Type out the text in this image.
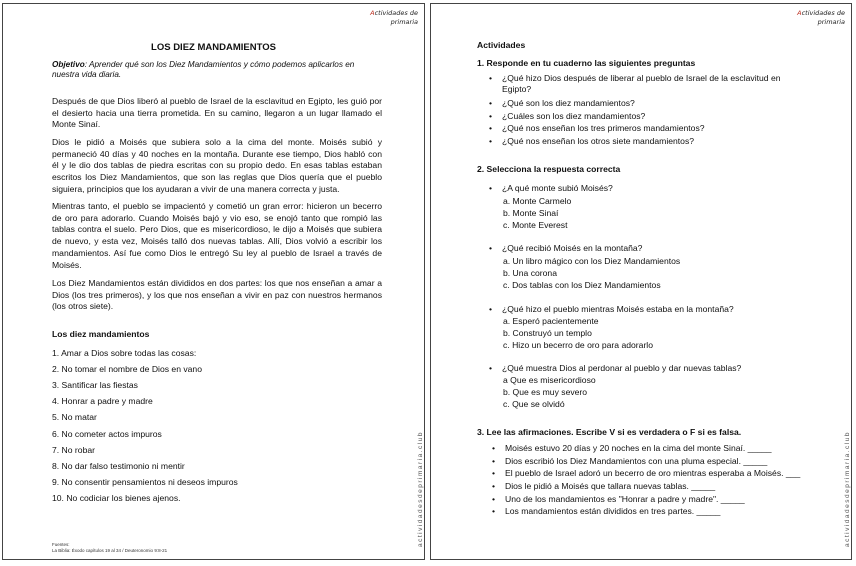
Actividades de
primaria
actividadesdeprimaria.club
LOS DIEZ MANDAMIENTOS
Objetivo: Aprender qué son los Diez Mandamientos y cómo podemos aplicarlos en nuestra vida diaria.
Después de que Dios liberó al pueblo de Israel de la esclavitud en Egipto, les guió por el desierto hacia una tierra prometida. En su camino, llegaron a un lugar llamado el Monte Sinaí.
Dios le pidió a Moisés que subiera solo a la cima del monte. Moisés subió y permaneció 40 días y 40 noches en la montaña. Durante ese tiempo, Dios habló con él y le dio dos tablas de piedra escritas con su propio dedo. En esas tablas estaban escritos los Diez Mandamientos, que son las reglas que Dios quería que el pueblo siguiera, principios que los ayudaran a vivir de una manera correcta y justa.
Mientras tanto, el pueblo se impacientó y cometió un gran error: hicieron un becerro de oro para adorarlo. Cuando Moisés bajó y vio eso, se enojó tanto que rompió las tablas contra el suelo. Pero Dios, que es misericordioso, le dijo a Moisés que subiera de nuevo, y esta vez, Moisés talló dos nuevas tablas. Allí, Dios volvió a escribir los mandamientos. Así fue como Dios le entregó Su ley al pueblo de Israel a través de Moisés.
Los Diez Mandamientos están divididos en dos partes: los que nos enseñan a amar a Dios (los tres primeros), y los que nos enseñan a vivir en paz con nuestros hermanos (los otros siete).
Los diez mandamientos
1. Amar a Dios sobre todas las cosas:
2. No tomar el nombre de Dios en vano
3. Santificar las fiestas
4. Honrar a padre y madre
5. No matar
6. No cometer actos impuros
7. No robar
8. No dar falso testimonio ni mentir
9. No consentir pensamientos ni deseos impuros
10. No codiciar los bienes ajenos.
Fuentes:
La Biblia: Éxodo capítulos 19 al 34 / Deuteronomio 9:8-21
Actividades de
primaria
actividadesdeprimaria.club
Actividades
1. Responde en tu cuaderno las siguientes preguntas
• ¿Qué hizo Dios después de liberar al pueblo de Israel de la esclavitud en Egipto?
• ¿Qué son los diez mandamientos?
• ¿Cuáles son los diez mandamientos?
• ¿Qué nos enseñan los tres primeros mandamientos?
• ¿Qué nos enseñan los otros siete mandamientos?
2. Selecciona la respuesta correcta
• ¿A qué monte subió Moisés?
a. Monte Carmelo
b. Monte Sinaí
c. Monte Everest
• ¿Qué recibió Moisés en la montaña?
a. Un libro mágico con los Diez Mandamientos
b. Una corona
c. Dos tablas con los Diez Mandamientos
• ¿Qué hizo el pueblo mientras Moisés estaba en la montaña?
a. Esperó pacientemente
b. Construyó un templo
c. Hizo un becerro de oro para adorarlo
• ¿Qué muestra Dios al perdonar al pueblo y dar nuevas tablas?
a Que es misericordioso
b. Que es muy severo
c. Que se olvidó
3. Lee las afirmaciones. Escribe V si es verdadera o F si es falsa.
• Moisés estuvo 20 días y 20 noches en la cima del monte Sinaí. _____
• Dios escribió los Diez Mandamientos con una pluma especial. _____
• El pueblo de Israel adoró un becerro de oro mientras esperaba a Moisés. ___
• Dios le pidió a Moisés que tallara nuevas tablas. _____
• Uno de los mandamientos es "Honrar a padre y madre". _____
• Los mandamientos están divididos en tres partes. _____
